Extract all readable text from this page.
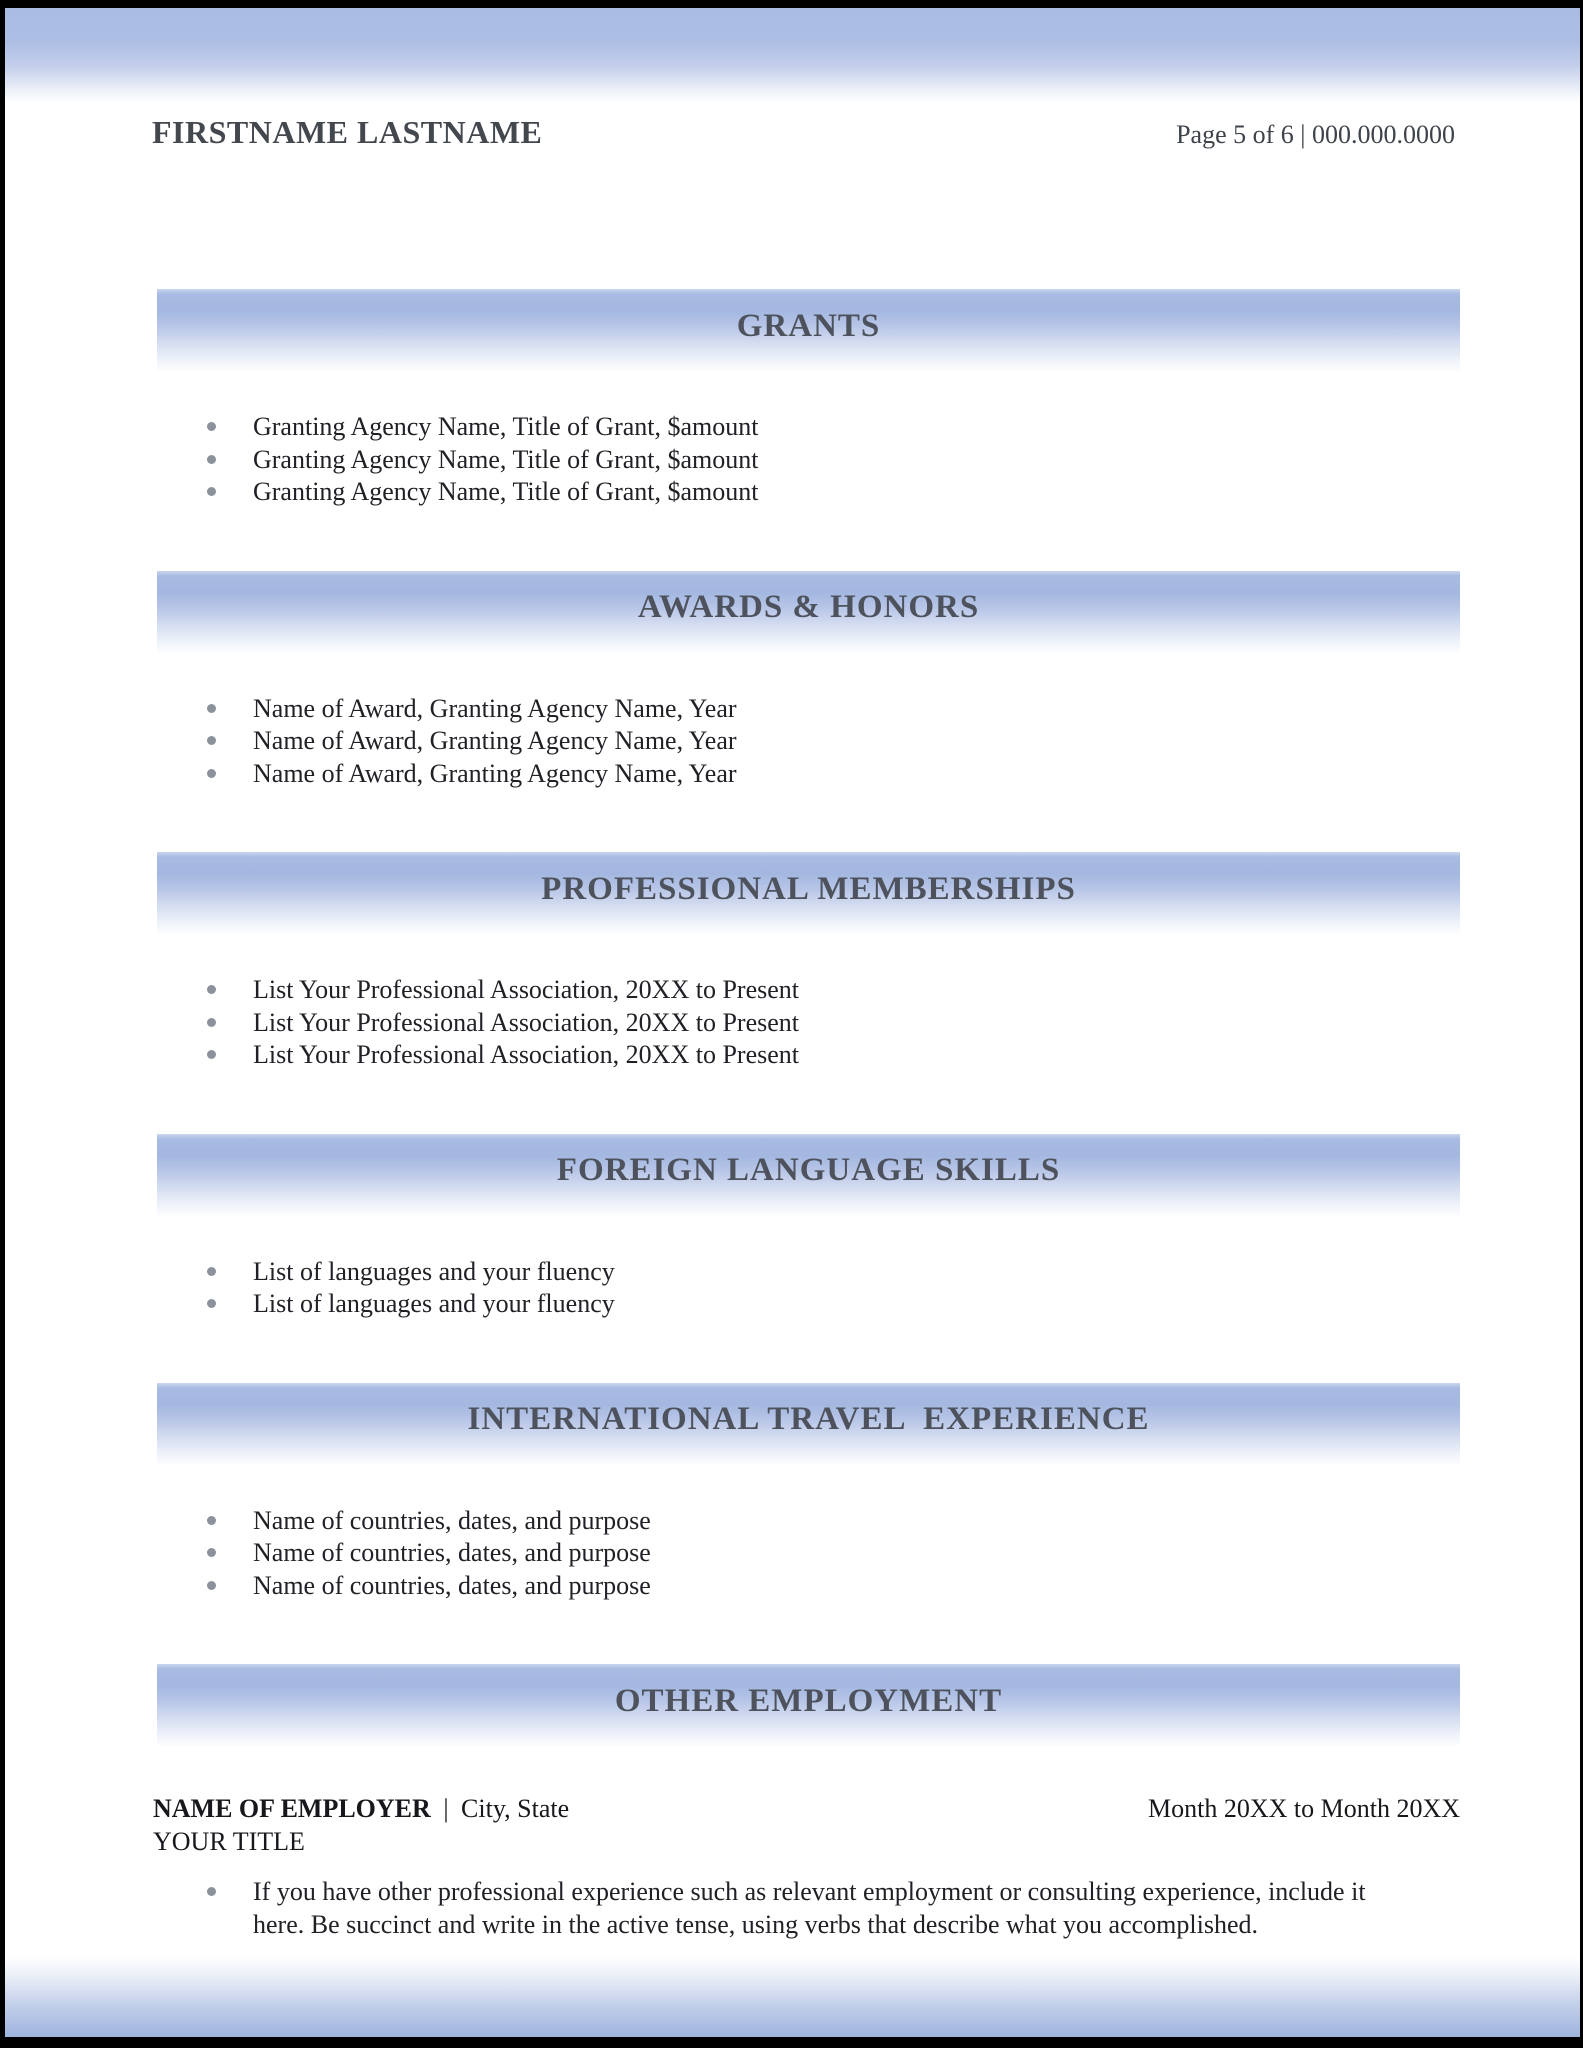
FIRSTNAME LASTNAME	Page 5 of 6 | 000.000.0000
GRANTS
Granting Agency Name, Title of Grant, $amount
Granting Agency Name, Title of Grant, $amount
Granting Agency Name, Title of Grant, $amount
AWARDS & HONORS
Name of Award, Granting Agency Name, Year
Name of Award, Granting Agency Name, Year
Name of Award, Granting Agency Name, Year
PROFESSIONAL MEMBERSHIPS
List Your Professional Association, 20XX to Present
List Your Professional Association, 20XX to Present
List Your Professional Association, 20XX to Present
FOREIGN LANGUAGE SKILLS
List of languages and your fluency
List of languages and your fluency
INTERNATIONAL TRAVEL  EXPERIENCE
Name of countries, dates, and purpose
Name of countries, dates, and purpose
Name of countries, dates, and purpose
OTHER EMPLOYMENT
NAME OF EMPLOYER | City, State	Month 20XX to Month 20XX
YOUR TITLE
If you have other professional experience such as relevant employment or consulting experience, include it here. Be succinct and write in the active tense, using verbs that describe what you accomplished.
